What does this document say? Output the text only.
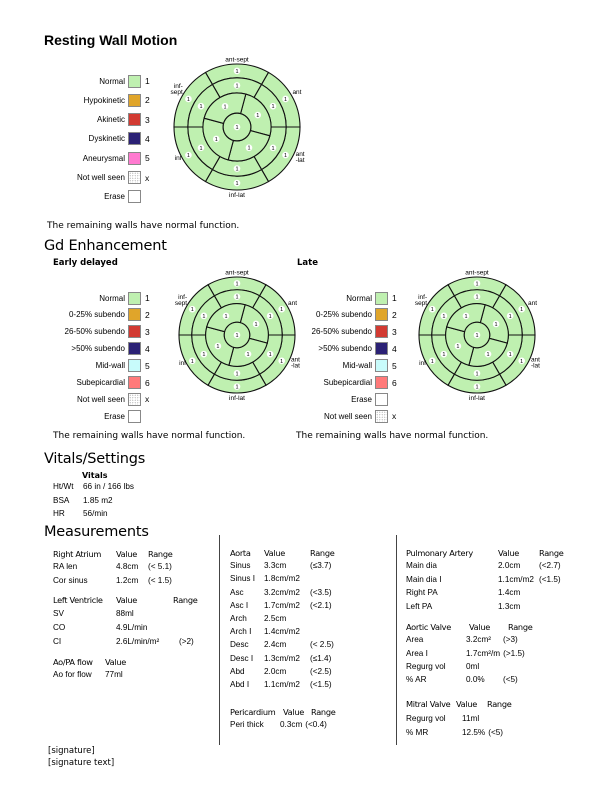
Resting Wall Motion
Normal	1
Hypokinetic	2
Akinetic	3
Dyskinetic	4
Aneurysmal	5
Not well seen	x
Erase
1
1
1
1
1
1
1
1
1
1
1
1
1
1
1
1
1
ant-sept
ant
ant
-lat
inf-lat
inf
inf-
sept
The remaining walls have normal function.
Gd Enhancement
Early delayed	Late
Normal	1
0-25% subendo	2
26-50% subendo	3
>50% subendo	4
Mid-wall	5
Subepicardial	6
Not well seen	x
Erase
1
1
1
1
1
1
1
1
1
1
1
1
1
1
1
1
1
ant-sept
ant
ant
-lat
inf-lat
inf
inf-
sept
The remaining walls have normal function.
Normal	1
0-25% subendo	2
26-50% subendo	3
>50% subendo	4
Mid-wall	5
Subepicardial	6
Erase
Not well seen	x
1
1
1
1
1
1
1
1
1
1
1
1
1
1
1
1
1
ant-sept
ant
ant
-lat
inf-lat
inf
inf-
sept
The remaining walls have normal function.
Vitals/Settings
Vitals
Ht/Wt 66 in / 166 lbs
BSA 1.85 m2
HR 56/min
Measurements
Right Atrium Value Range
RA len	4.8cm (< 5.1)
Cor sinus	1.2cm (< 1.5)
Left Ventricle Value	Range
SV	88ml
CO	4.9L/min
CI	2.6L/min/m² (>2)
Ao/PA flow Value
Ao for flow 77ml
Aorta Value	Range
Sinus 3.3cm	(≤3.7)
Sinus I 1.8cm/m2
Asc 3.2cm/m2 (<3.5)
Asc I 1.7cm/m2 (<2.1)
Arch 2.5cm
Arch I 1.4cm/m2
Desc 2.4cm	(< 2.5)
Desc I 1.3cm/m2 (≤1.4)
Abd 2.0cm	(<2.5)
Abd I 1.1cm/m2 (<1.5)
Pericardium Value Range
Peri thick 0.3cm (<0.4)
Pulmonary Artery	Value Range
Main dia	2.0cm (<2.7)
Main dia I	1.1cm/m2 (<1.5)
Right PA	1.4cm
Left PA	1.3cm
Aortic Valve Value Range
Area	3.2cm² (>3)
Area I	1.7cm²/m (>1.5)
Regurg vol 0ml
% AR	0.0% (<5)
Mitral Valve Value Range
Regurg vol 11ml
% MR	12.5% (<5)
[signature]
[signature text]
